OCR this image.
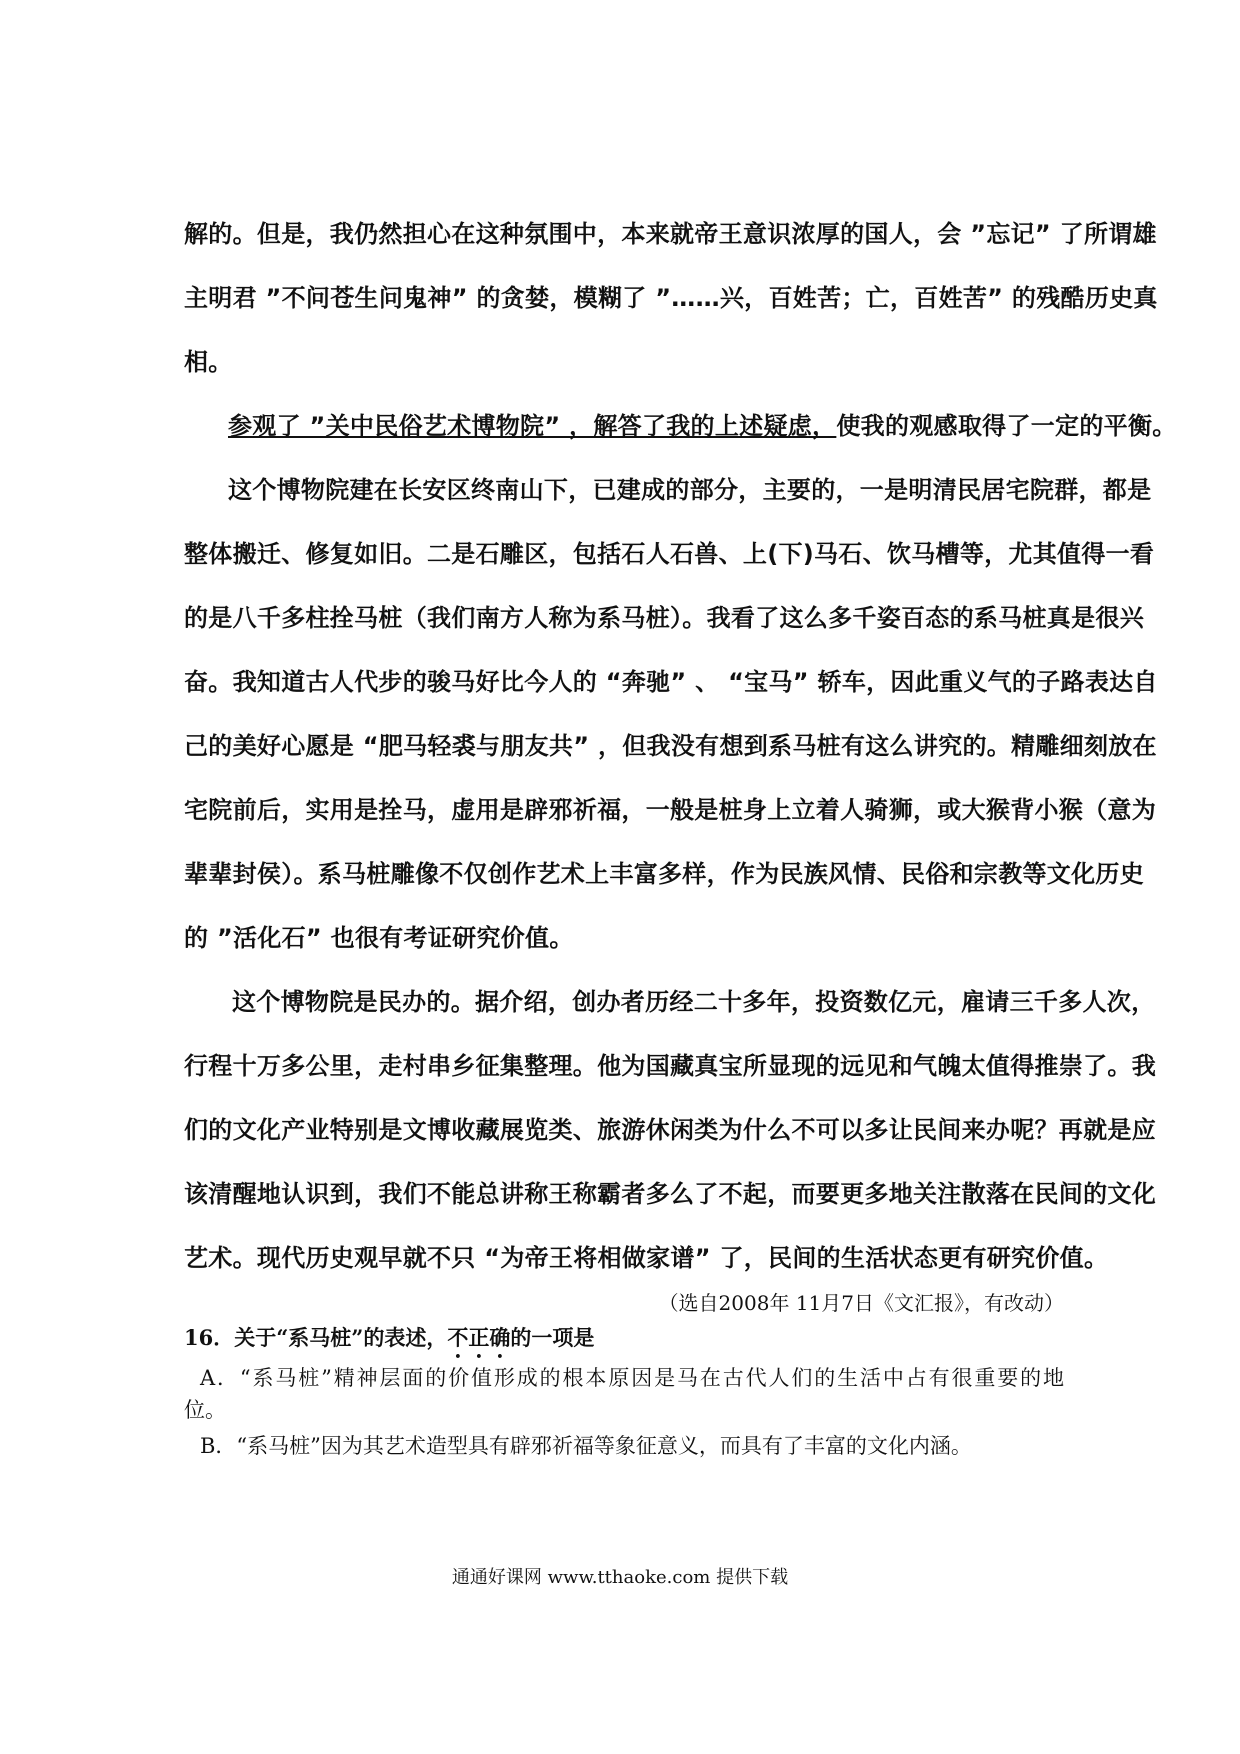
解的。但是，我仍然担心在这种氛围中，本来就帝王意识浓厚的国人，会 ”忘记” 了所谓雄
主明君 ”不问苍生问鬼神” 的贪婪，模糊了 ”……兴，百姓苦；亡，百姓苦” 的残酷历史真
相。
参观了 ”关中民俗艺术博物院” ，解答了我的上述疑虑，使我的观感取得了一定的平衡。
这个博物院建在长安区终南山下，已建成的部分，主要的，一是明清民居宅院群，都是
整体搬迁、修复如旧。二是石雕区，包括石人石兽、上(下)马石、饮马槽等，尤其值得一看
的是八千多柱拴马桩（我们南方人称为系马桩）。我看了这么多千姿百态的系马桩真是很兴
奋。我知道古人代步的骏马好比今人的 “奔驰” 、 “宝马” 轿车，因此重义气的子路表达自
己的美好心愿是 “肥马轻裘与朋友共” ，但我没有想到系马桩有这么讲究的。精雕细刻放在
宅院前后，实用是拴马，虚用是辟邪祈福，一般是桩身上立着人骑狮，或大猴背小猴（意为
辈辈封侯）。系马桩雕像不仅创作艺术上丰富多样，作为民族风情、民俗和宗教等文化历史
的 ”活化石” 也很有考证研究价值。
这个博物院是民办的。据介绍，创办者历经二十多年，投资数亿元，雇请三千多人次，
行程十万多公里，走村串乡征集整理。他为国藏真宝所显现的远见和气魄太值得推崇了。我
们的文化产业特别是文博收藏展览类、旅游休闲类为什么不可以多让民间来办呢？再就是应
该清醒地认识到，我们不能总讲称王称霸者多么了不起，而要更多地关注散落在民间的文化
艺术。现代历史观早就不只 “为帝王将相做家谱” 了，民间的生活状态更有研究价值。
（选自2008年 11月7日《文汇报》，有改动）
16．关于“系马桩”的表述，不正确的一项是
A．“系马桩”精神层面的价值形成的根本原因是马在古代人们的生活中占有很重要的地
位。
B．“系马桩”因为其艺术造型具有辟邪祈福等象征意义，而具有了丰富的文化内涵。
通通好课网 www.tthaoke.com 提供下载
